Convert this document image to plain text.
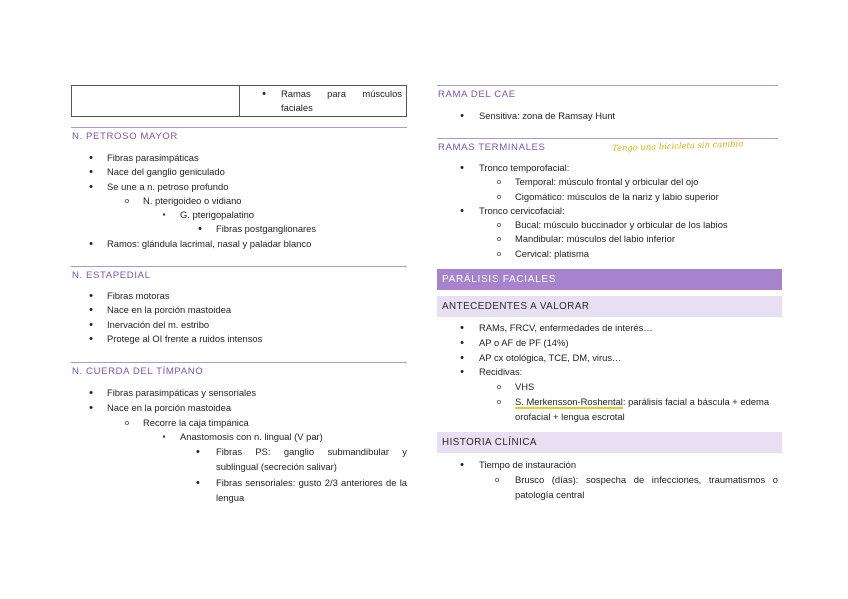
•
Ramas para músculos faciales
N. PETROSO MAYOR
•
Fibras parasimpáticas
•
Nace del ganglio geniculado
•
Se une a n. petroso profundo
o
N. pterigoideo o vidiano
▪
G. pterigopalatino
•
Fibras postganglionares
•
Ramos: glándula lacrimal, nasal y paladar blanco
N. ESTAPEDIAL
•
Fibras motoras
•
Nace en la porción mastoidea
•
Inervación del m. estribo
•
Protege al OI frente a ruidos intensos
N. CUERDA DEL TÍMPANO
•
Fibras parasimpáticas y sensoriales
•
Nace en la porción mastoidea
o
Recorre la caja timpánica
▪
Anastomosis con n. lingual (V par)
•
Fibras PS: ganglio submandibular y sublingual (secreción salivar)
•
Fibras sensoriales: gusto 2/3 anteriores de la lengua
RAMA DEL CAE
•
Sensitiva: zona de Ramsay Hunt
RAMAS TERMINALES
•
Tronco temporofacial:
o
Temporal: músculo frontal y orbicular del ojo
o
Cigomático: músculos de la nariz y labio superior
•
Tronco cervicofacial:
o
Bucal: músculo buccinador y orbicular de los labios
o
Mandibular: músculos del labio inferior
o
Cervical: platisma
Tengo una bicicleta sin cambio
PARÁLISIS FACIALES
ANTECEDENTES A VALORAR
•
RAMs, FRCV, enfermedades de interés…
•
AP o AF de PF (14%)
•
AP cx otológica, TCE, DM, virus…
•
Recidivas:
o
VHS
o
S. Merkensson-Roshental: parálisis facial a báscula + edema orofacial + lengua escrotal
HISTORIA CLÍNICA
•
Tiempo de instauración
o
Brusco (días): sospecha de infecciones, traumatismos o patología central
